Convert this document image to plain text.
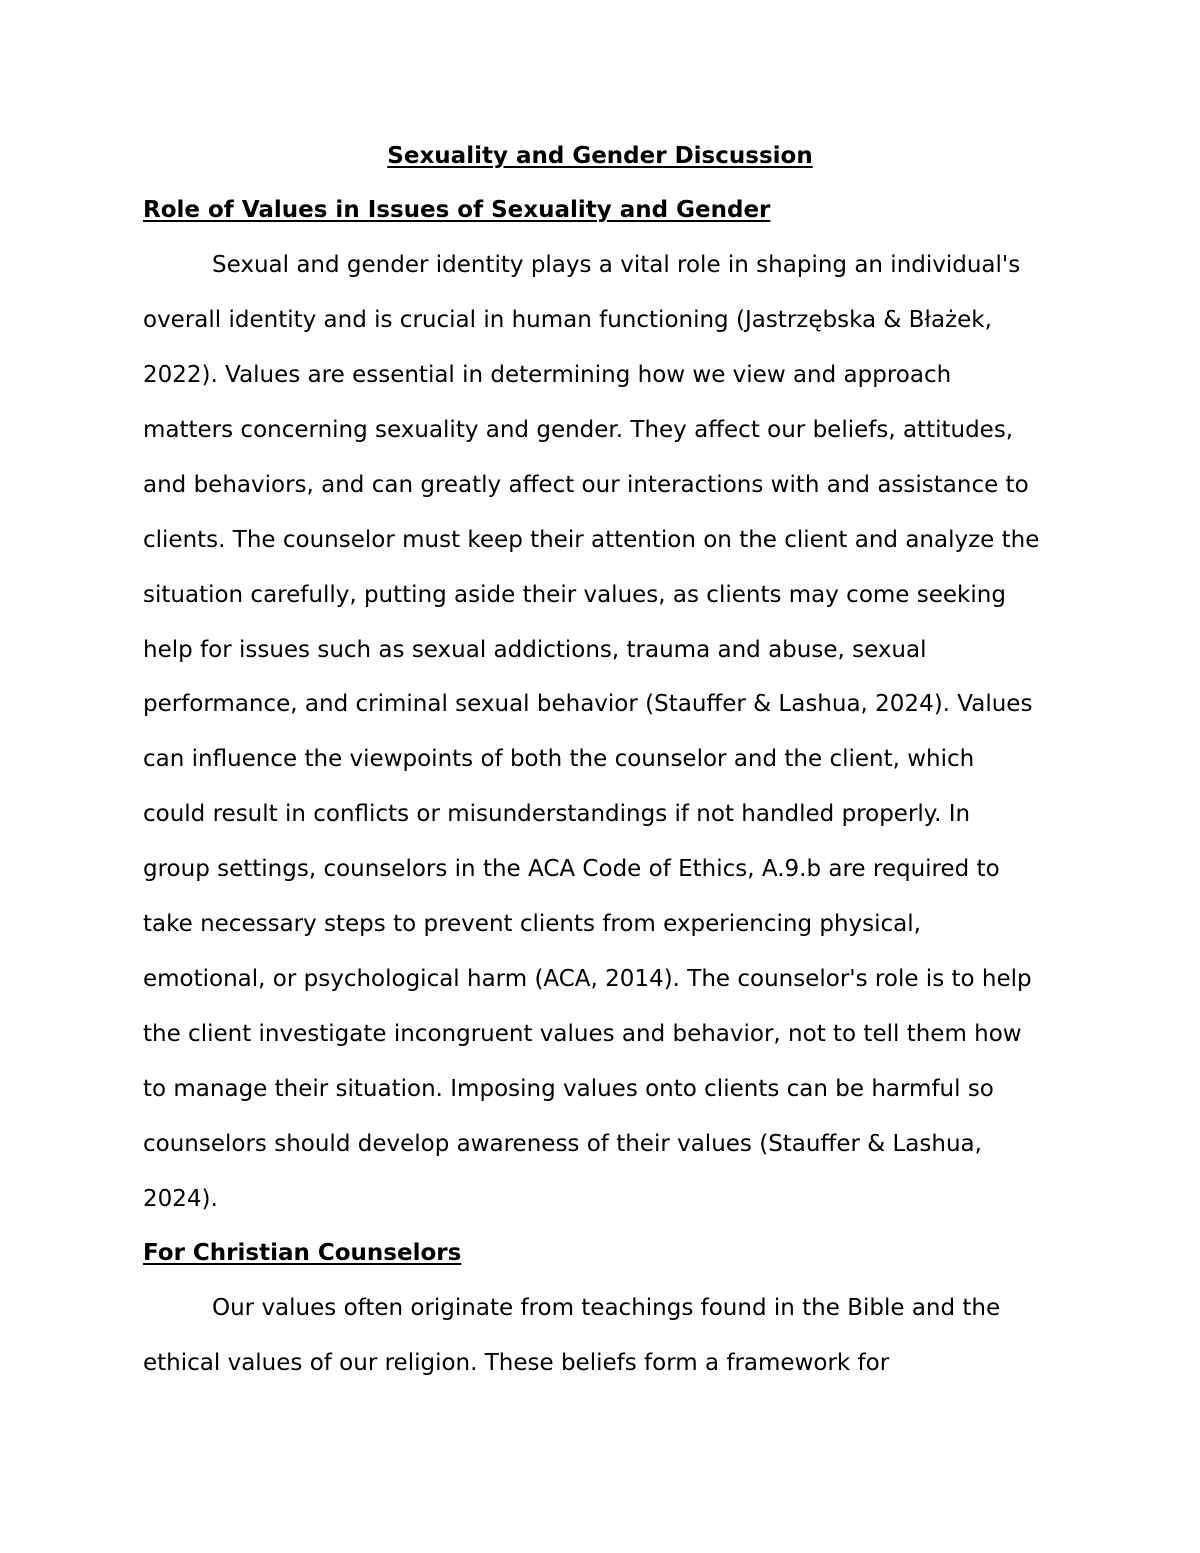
Sexuality and Gender Discussion

Role of Values in Issues of Sexuality and Gender

Sexual and gender identity plays a vital role in shaping an individual's

overall identity and is crucial in human functioning (Jastrzębska & Błażek,

2022). Values are essential in determining how we view and approach

matters concerning sexuality and gender. They affect our beliefs, attitudes,

and behaviors, and can greatly affect our interactions with and assistance to

clients. The counselor must keep their attention on the client and analyze the

situation carefully, putting aside their values, as clients may come seeking

help for issues such as sexual addictions, trauma and abuse, sexual

performance, and criminal sexual behavior (Stauffer & Lashua, 2024). Values

can influence the viewpoints of both the counselor and the client, which

could result in conflicts or misunderstandings if not handled properly. In

group settings, counselors in the ACA Code of Ethics, A.9.b are required to

take necessary steps to prevent clients from experiencing physical,

emotional, or psychological harm (ACA, 2014). The counselor's role is to help

the client investigate incongruent values and behavior, not to tell them how

to manage their situation. Imposing values onto clients can be harmful so

counselors should develop awareness of their values (Stauffer & Lashua,

2024).

For Christian Counselors

Our values often originate from teachings found in the Bible and the

ethical values of our religion. These beliefs form a framework for
